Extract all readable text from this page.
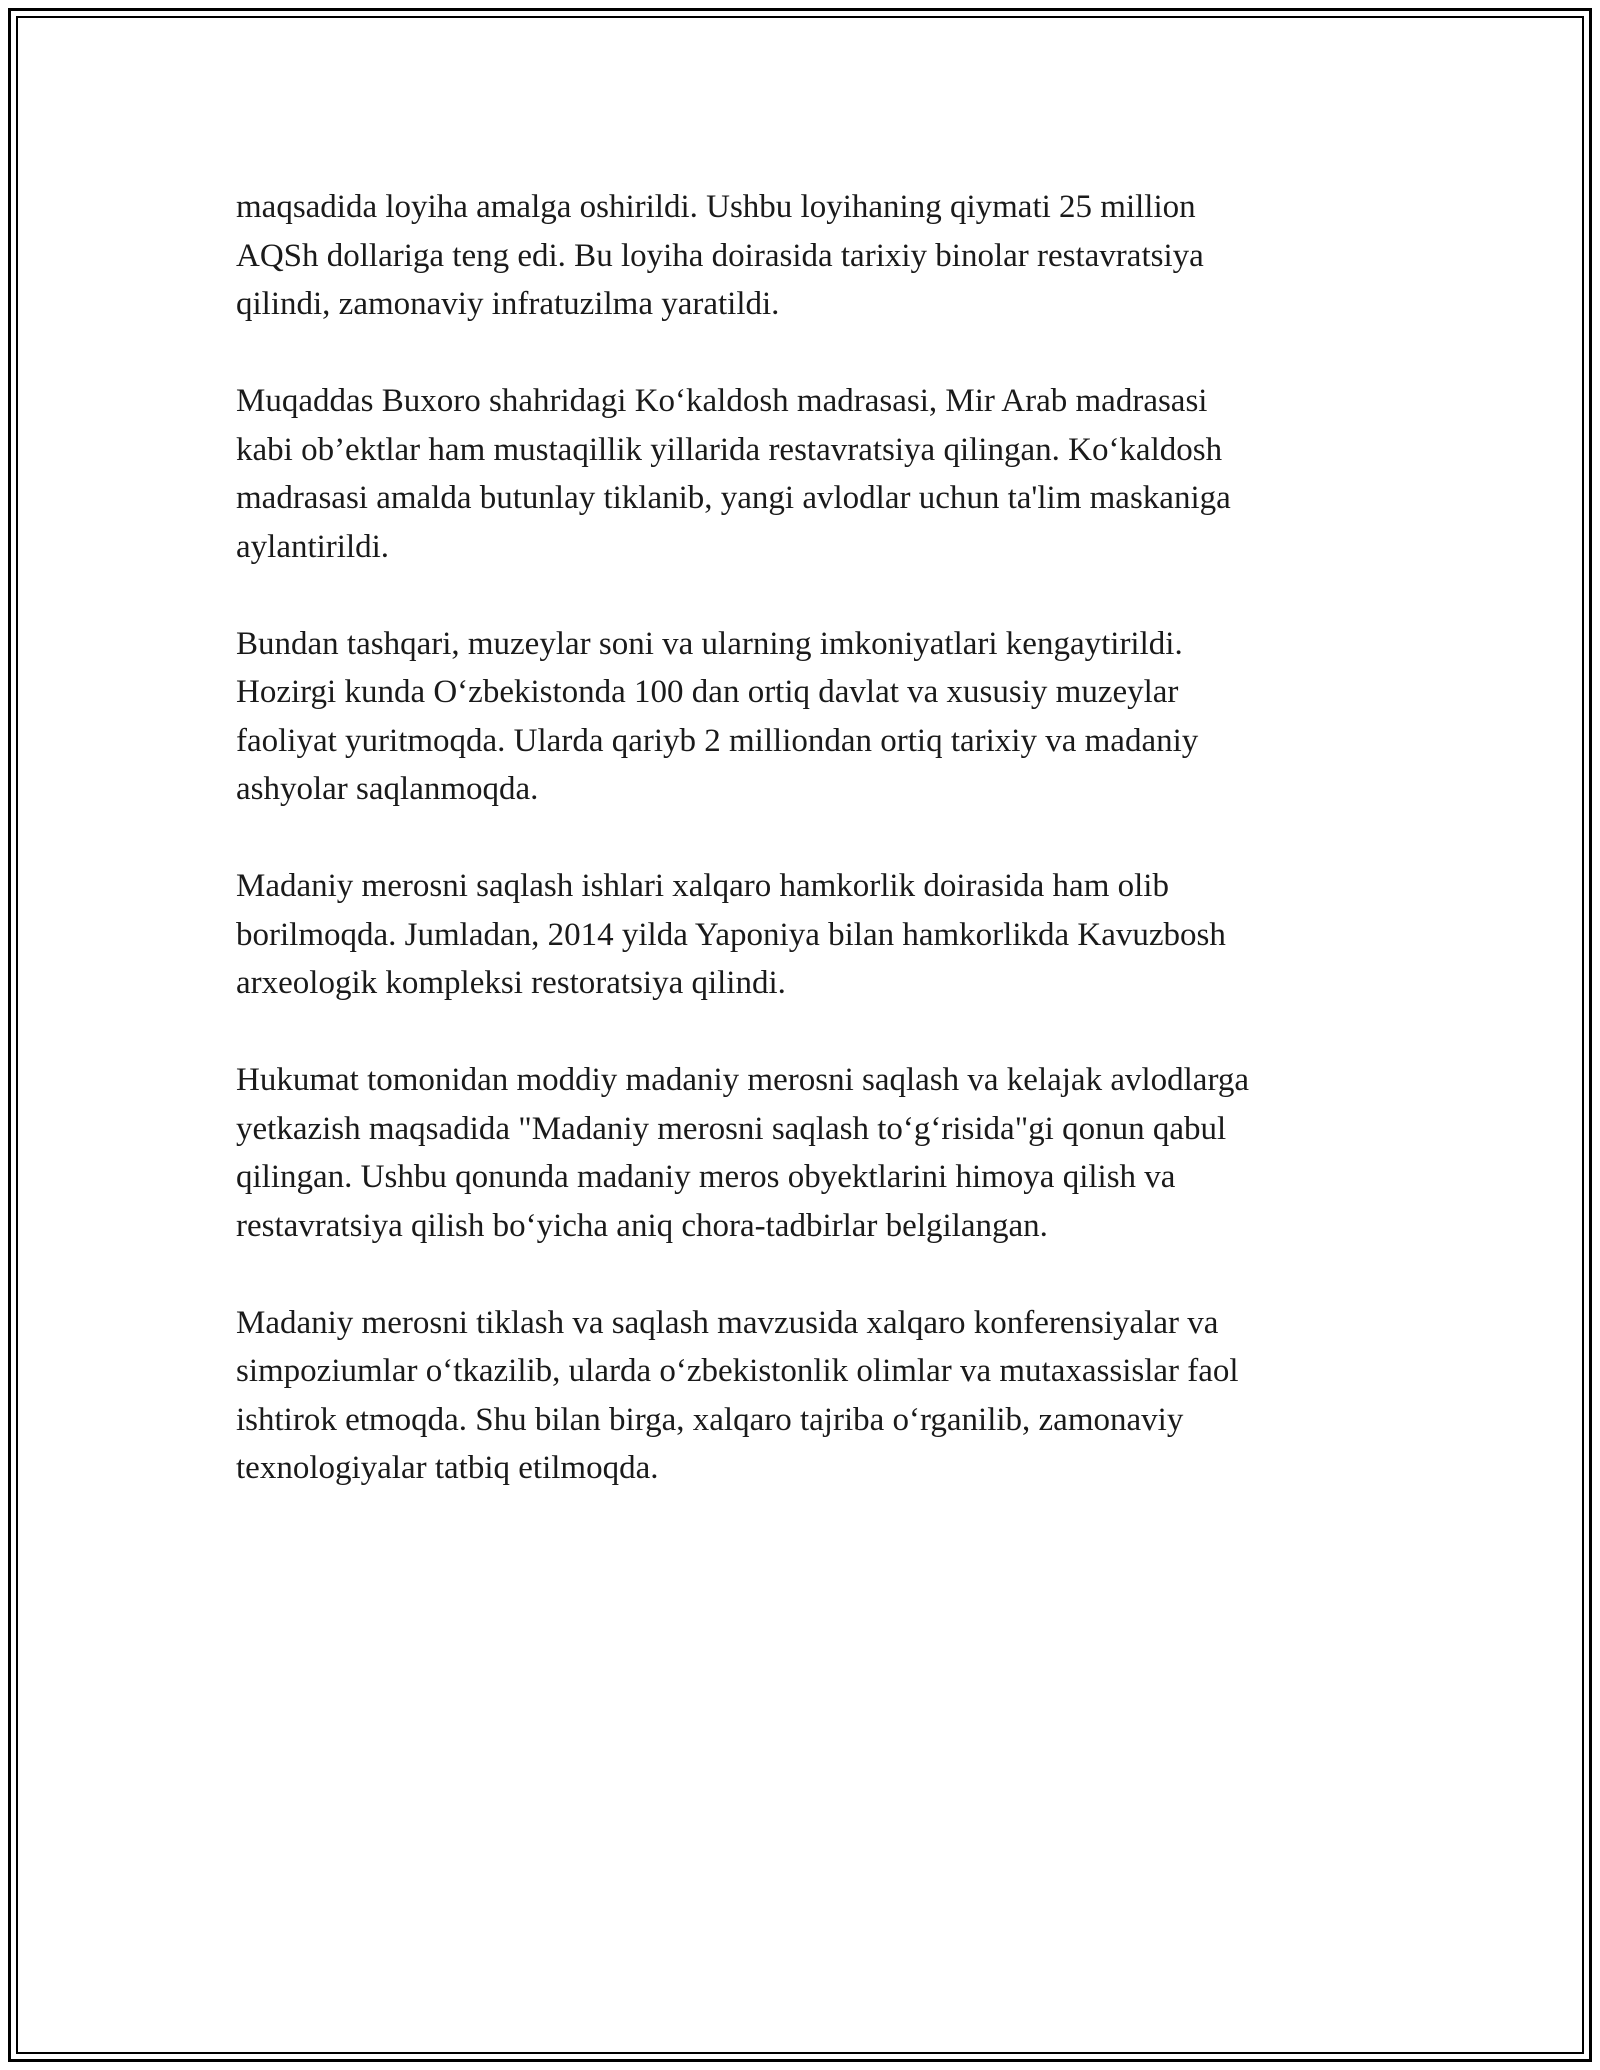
maqsadida loyiha amalga oshirildi. Ushbu loyihaning qiymati 25 million
AQSh dollariga teng edi. Bu loyiha doirasida tarixiy binolar restavratsiya
qilindi, zamonaviy infratuzilma yaratildi.

Muqaddas Buxoro shahridagi Ko‘kaldosh madrasasi, Mir Arab madrasasi
kabi ob’ektlar ham mustaqillik yillarida restavratsiya qilingan. Ko‘kaldosh
madrasasi amalda butunlay tiklanib, yangi avlodlar uchun ta'lim maskaniga
aylantirildi.

Bundan tashqari, muzeylar soni va ularning imkoniyatlari kengaytirildi.
Hozirgi kunda O‘zbekistonda 100 dan ortiq davlat va xususiy muzeylar
faoliyat yuritmoqda. Ularda qariyb 2 milliondan ortiq tarixiy va madaniy
ashyolar saqlanmoqda.

Madaniy merosni saqlash ishlari xalqaro hamkorlik doirasida ham olib
borilmoqda. Jumladan, 2014 yilda Yaponiya bilan hamkorlikda Kavuzbosh
arxeologik kompleksi restoratsiya qilindi.

Hukumat tomonidan moddiy madaniy merosni saqlash va kelajak avlodlarga
yetkazish maqsadida "Madaniy merosni saqlash to‘g‘risida"gi qonun qabul
qilingan. Ushbu qonunda madaniy meros obyektlarini himoya qilish va
restavratsiya qilish bo‘yicha aniq chora-tadbirlar belgilangan.

Madaniy merosni tiklash va saqlash mavzusida xalqaro konferensiyalar va
simpoziumlar o‘tkazilib, ularda o‘zbekistonlik olimlar va mutaxassislar faol
ishtirok etmoqda. Shu bilan birga, xalqaro tajriba o‘rganilib, zamonaviy
texnologiyalar tatbiq etilmoqda.
